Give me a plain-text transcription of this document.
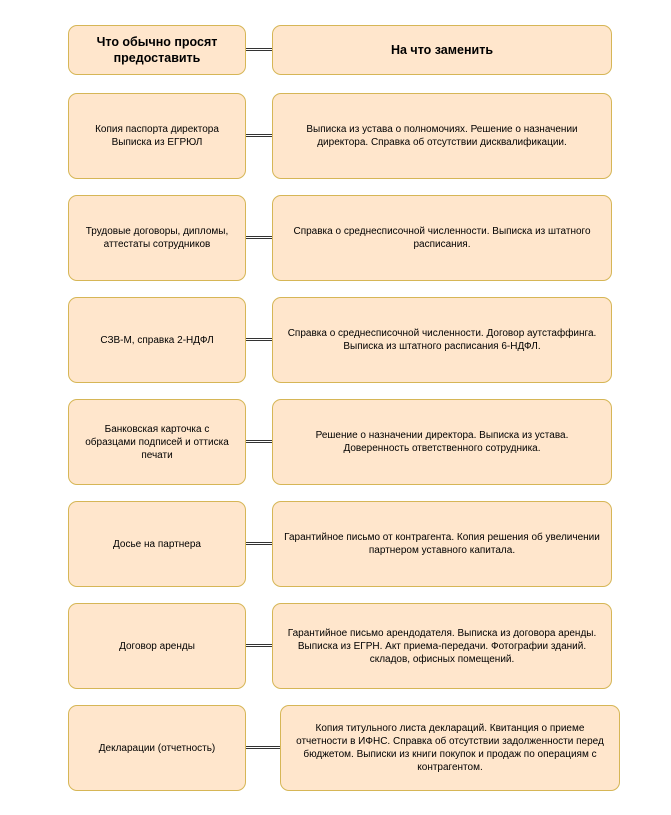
Что обычно просят предоставить
На что заменить
Копия паспорта директора Выписка из ЕГРЮЛ
Выписка из устава о полномочиях. Решение о назначении директора. Справка об отсутствии дисквалификации.
Трудовые договоры, дипломы, аттестаты сотрудников
Справка о среднесписочной численности. Выписка из штатного расписания.
СЗВ-М, справка 2-НДФЛ
Справка о среднесписочной численности. Договор аутстаффинга. Выписка из штатного расписания 6-НДФЛ.
Банковская карточка с образцами подписей и оттиска печати
Решение о назначении директора. Выписка из устава. Доверенность ответственного сотрудника.
Досье на партнера
Гарантийное письмо от контрагента. Копия решения об увеличении партнером уставного капитала.
Договор аренды
Гарантийное письмо арендодателя. Выписка из договора аренды. Выписка из ЕГРН. Акт приема-передачи. Фотографии зданий. складов, офисных помещений.
Декларации (отчетность)
Копия титульного листа деклараций. Квитанция о приеме отчетности в ИФНС. Справка об отсутствии задолженности перед бюджетом. Выписки из книги покупок и продаж по операциям с контрагентом.
